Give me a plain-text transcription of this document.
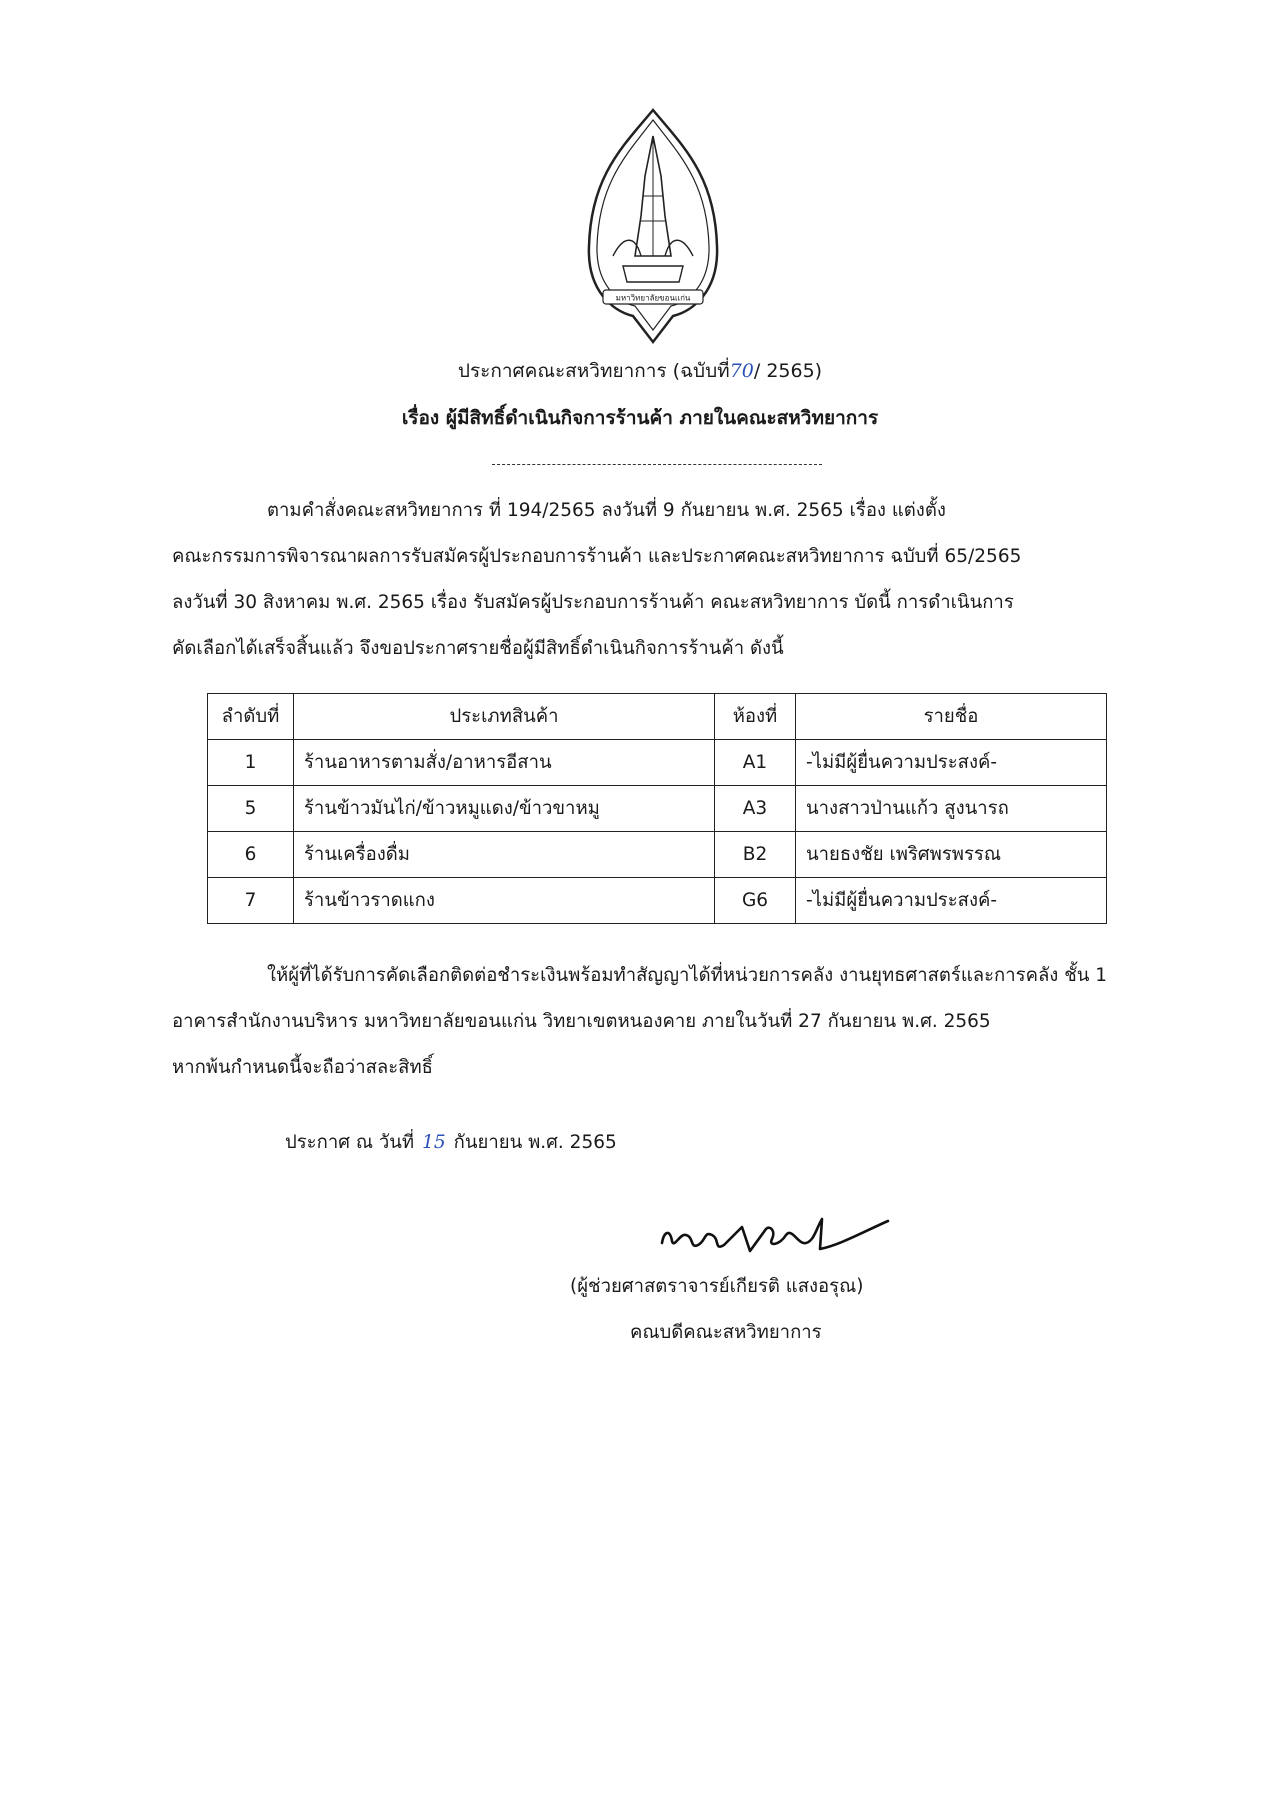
มหาวิทยาลัยขอนแก่น
ประกาศคณะสหวิทยาการ (ฉบับที่70/ 2565)
เรื่อง ผู้มีสิทธิ์ดำเนินกิจการร้านค้า ภายในคณะสหวิทยาการ
ตามคำสั่งคณะสหวิทยาการ ที่ 194/2565 ลงวันที่ 9 กันยายน พ.ศ. 2565 เรื่อง แต่งตั้ง
คณะกรรมการพิจารณาผลการรับสมัครผู้ประกอบการร้านค้า และประกาศคณะสหวิทยาการ ฉบับที่ 65/2565
ลงวันที่ 30 สิงหาคม พ.ศ. 2565 เรื่อง รับสมัครผู้ประกอบการร้านค้า คณะสหวิทยาการ บัดนี้ การดำเนินการ
คัดเลือกได้เสร็จสิ้นแล้ว จึงขอประกาศรายชื่อผู้มีสิทธิ์ดำเนินกิจการร้านค้า ดังนี้
ลำดับที่	ประเภทสินค้า	ห้องที่	รายชื่อ
1	ร้านอาหารตามสั่ง/อาหารอีสาน	A1	-ไม่มีผู้ยื่นความประสงค์-
5	ร้านข้าวมันไก่/ข้าวหมูแดง/ข้าวขาหมู	A3	นางสาวป่านแก้ว สูงนารถ
6	ร้านเครื่องดื่ม	B2	นายธงชัย เพริศพรพรรณ
7	ร้านข้าวราดแกง	G6	-ไม่มีผู้ยื่นความประสงค์-
ให้ผู้ที่ได้รับการคัดเลือกติดต่อชำระเงินพร้อมทำสัญญาได้ที่หน่วยการคลัง งานยุทธศาสตร์และการคลัง ชั้น 1
อาคารสำนักงานบริหาร มหาวิทยาลัยขอนแก่น วิทยาเขตหนองคาย ภายในวันที่ 27 กันยายน พ.ศ. 2565
หากพ้นกำหนดนี้จะถือว่าสละสิทธิ์
ประกาศ ณ วันที่ 15 กันยายน พ.ศ. 2565
(ผู้ช่วยศาสตราจารย์เกียรติ แสงอรุณ)
คณบดีคณะสหวิทยาการ
